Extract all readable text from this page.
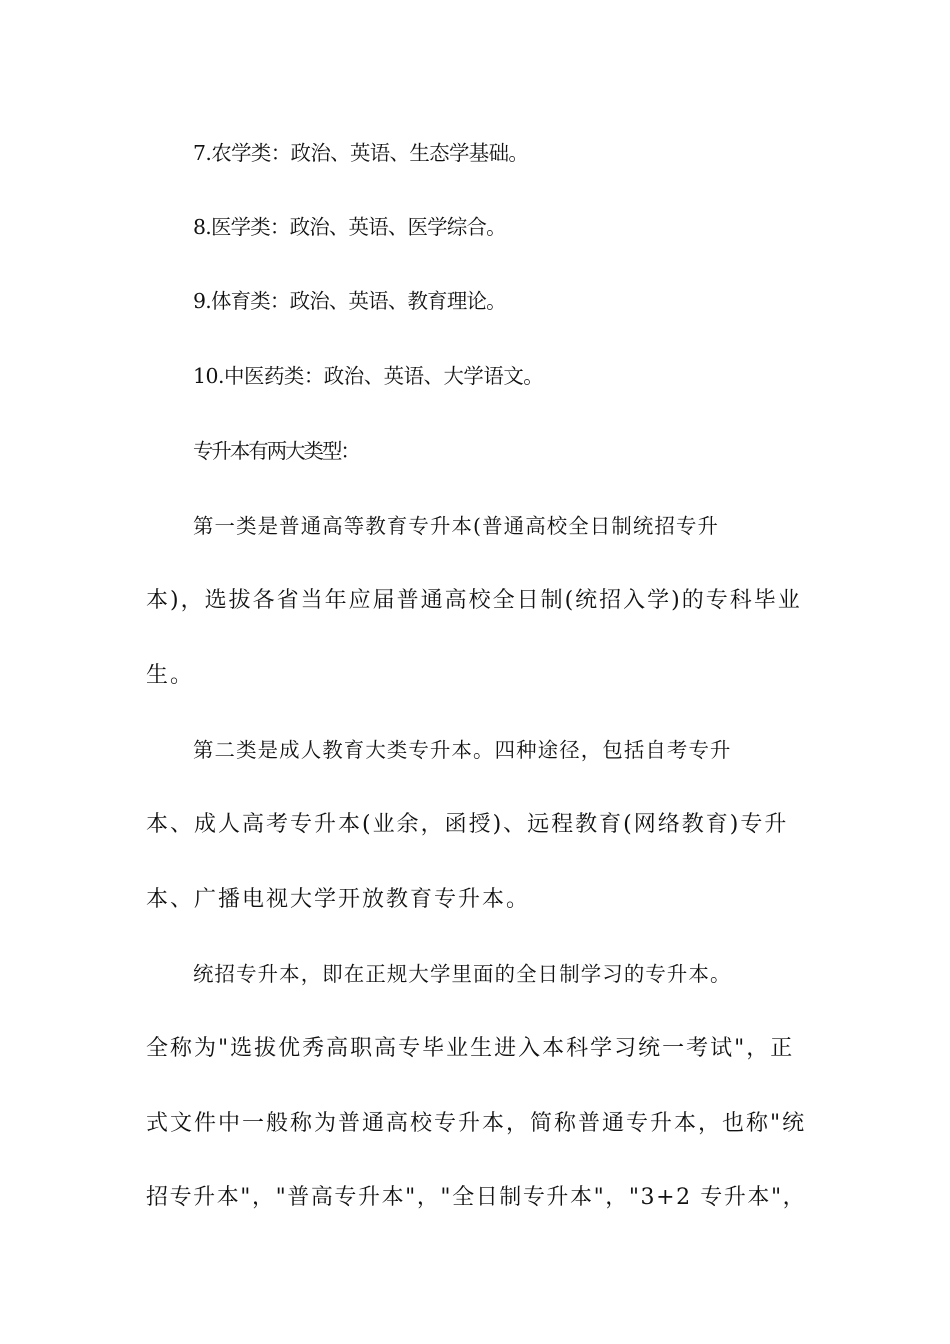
7.农学类：政治、英语、生态学基础。
8.医学类：政治、英语、医学综合。
9.体育类：政治、英语、教育理论。
10.中医药类：政治、英语、大学语文。
专升本有两大类型：
第一类是普通高等教育专升本(普通高校全日制统招专升
本)，选拔各省当年应届普通高校全日制(统招入学)的专科毕业
生。
第二类是成人教育大类专升本。四种途径，包括自考专升
本、成人高考专升本(业余，函授)、远程教育(网络教育)专升
本、广播电视大学开放教育专升本。
统招专升本，即在正规大学里面的全日制学习的专升本。
全称为"选拔优秀高职高专毕业生进入本科学习统一考试"，正
式文件中一般称为普通高校专升本，简称普通专升本，也称"统
招专升本"，"普高专升本"，"全日制专升本"，"3+2 专升本"，
